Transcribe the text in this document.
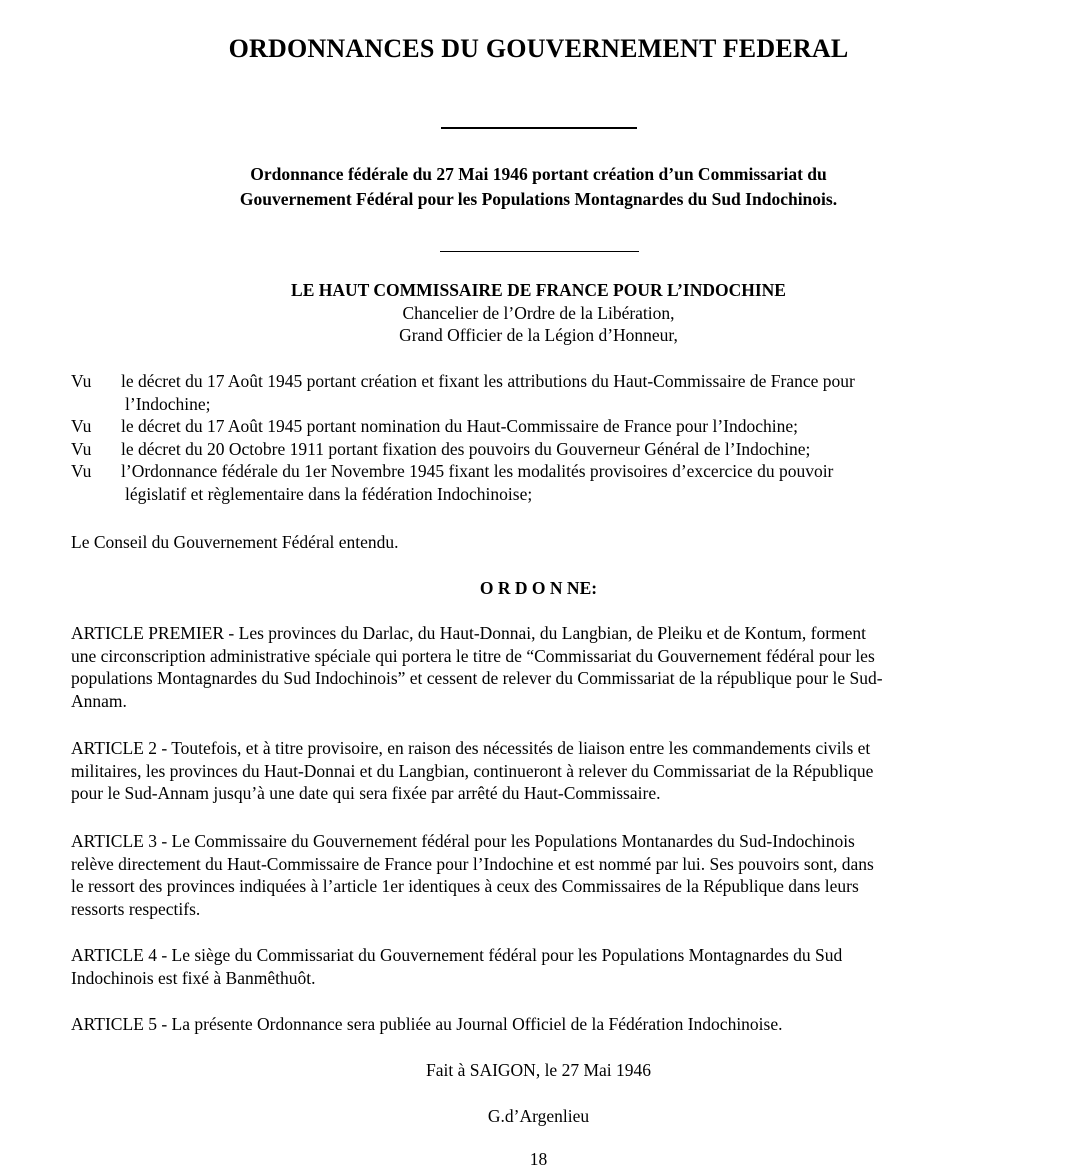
ORDONNANCES DU GOUVERNEMENT FEDERAL
Ordonnance fédérale du 27 Mai 1946 portant création d’un Commissariat du
Gouvernement Fédéral pour les Populations Montagnardes du Sud Indochinois.
LE HAUT COMMISSAIRE DE FRANCE POUR L’INDOCHINE
Chancelier de l’Ordre de la Libération,
Grand Officier de la Légion d’Honneur,
Vu le décret du 17 Août 1945 portant création et fixant les attributions du Haut-Commissaire de France pour
l’Indochine;
Vu le décret du 17 Août 1945 portant nomination du Haut-Commissaire de France pour l’Indochine;
Vu le décret du 20 Octobre 1911 portant fixation des pouvoirs du Gouverneur Général de l’Indochine;
Vu l’Ordonnance fédérale du 1er Novembre 1945 fixant les modalités provisoires d’excercice du pouvoir
législatif et règlementaire dans la fédération Indochinoise;
Le Conseil du Gouvernement Fédéral entendu.
O R D O N NE:
ARTICLE PREMIER - Les provinces du Darlac, du Haut-Donnai, du Langbian, de Pleiku et de Kontum, forment
une circonscription administrative spéciale qui portera le titre de “Commissariat du Gouvernement fédéral pour les
populations Montagnardes du Sud Indochinois” et cessent de relever du Commissariat de la république pour le Sud-
Annam.
ARTICLE 2 - Toutefois, et à titre provisoire, en raison des nécessités de liaison entre les commandements civils et
militaires, les provinces du Haut-Donnai et du Langbian, continueront à relever du Commissariat de la République
pour le Sud-Annam jusqu’à une date qui sera fixée par arrêté du Haut-Commissaire.
ARTICLE 3 - Le Commissaire du Gouvernement fédéral pour les Populations Montanardes du Sud-Indochinois
relève directement du Haut-Commissaire de France pour l’Indochine et est nommé par lui. Ses pouvoirs sont, dans
le ressort des provinces indiquées à l’article 1er identiques à ceux des Commissaires de la République dans leurs
ressorts respectifs.
ARTICLE 4 - Le siège du Commissariat du Gouvernement fédéral pour les Populations Montagnardes du Sud
Indochinois est fixé à Banmêthuôt.
ARTICLE 5 - La présente Ordonnance sera publiée au Journal Officiel de la Fédération Indochinoise.
Fait à SAIGON, le 27 Mai 1946
G.d’Argenlieu
18
